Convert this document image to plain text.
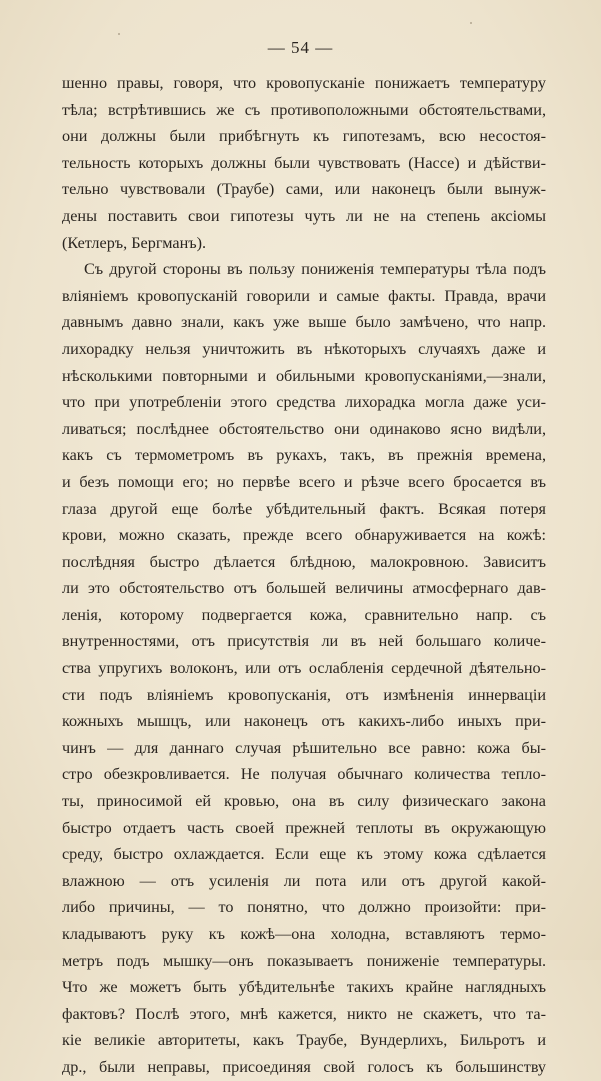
— 54 —
шенно правы, говоря, что кровопусканіе понижаетъ температуру
тѣла; встрѣтившись же съ противоположными обстоятельствами,
они должны были прибѣгнуть къ гипотезамъ, всю несостоя-
тельность которыхъ должны были чувствовать (Нассе) и дѣйстви-
тельно чувствовали (Траубе) сами, или наконецъ были вынуж-
дены поставить свои гипотезы чуть ли не на степень аксіомы
(Кетлеръ, Бергманъ).
Съ другой стороны въ пользу пониженія температуры тѣла подъ
вліяніемъ кровопусканій говорили и самые факты. Правда, врачи
давнымъ давно знали, какъ уже выше было замѣчено, что напр.
лихорадку нельзя уничтожить въ нѣкоторыхъ случаяхъ даже и
нѣсколькими повторными и обильными кровопусканіями,—знали,
что при употребленіи этого средства лихорадка могла даже уси-
ливаться; послѣднее обстоятельство они одинаково ясно видѣли,
какъ съ термометромъ въ рукахъ, такъ, въ прежнія времена,
и безъ помощи его; но первѣе всего и рѣзче всего бросается въ
глаза другой еще болѣе убѣдительный фактъ. Всякая потеря
крови, можно сказать, прежде всего обнаруживается на кожѣ:
послѣдняя быстро дѣлается блѣдною, малокровною. Зависитъ
ли это обстоятельство отъ большей величины атмосфернаго дав-
ленія, которому подвергается кожа, сравнительно напр. съ
внутренностями, отъ присутствія ли въ ней большаго количе-
ства упругихъ волоконъ, или отъ ослабленія сердечной дѣятельно-
сти подъ вліяніемъ кровопусканія, отъ измѣненія иннерваціи
кожныхъ мышцъ, или наконецъ отъ какихъ-либо иныхъ при-
чинъ — для даннаго случая рѣшительно все равно: кожа бы-
стро обезкровливается. Не получая обычнаго количества тепло-
ты, приносимой ей кровью, она въ силу физическаго закона
быстро отдаетъ часть своей прежней теплоты въ окружающую
среду, быстро охлаждается. Если еще къ этому кожа сдѣлается
влажною — отъ усиленія ли пота или отъ другой какой-
либо причины, — то понятно, что должно произойти: при-
кладываютъ руку къ кожѣ—она холодна, вставляютъ термо-
метръ подъ мышку—онъ показываетъ пониженіе температуры.
Что же можетъ быть убѣдительнѣе такихъ крайне наглядныхъ
фактовъ? Послѣ этого, мнѣ кажется, никто не скажетъ, что та-
кіе великіе авторитеты, какъ Траубе, Вундерлихъ, Бильротъ и
др., были неправы, присоединяя свой голосъ къ большинству
